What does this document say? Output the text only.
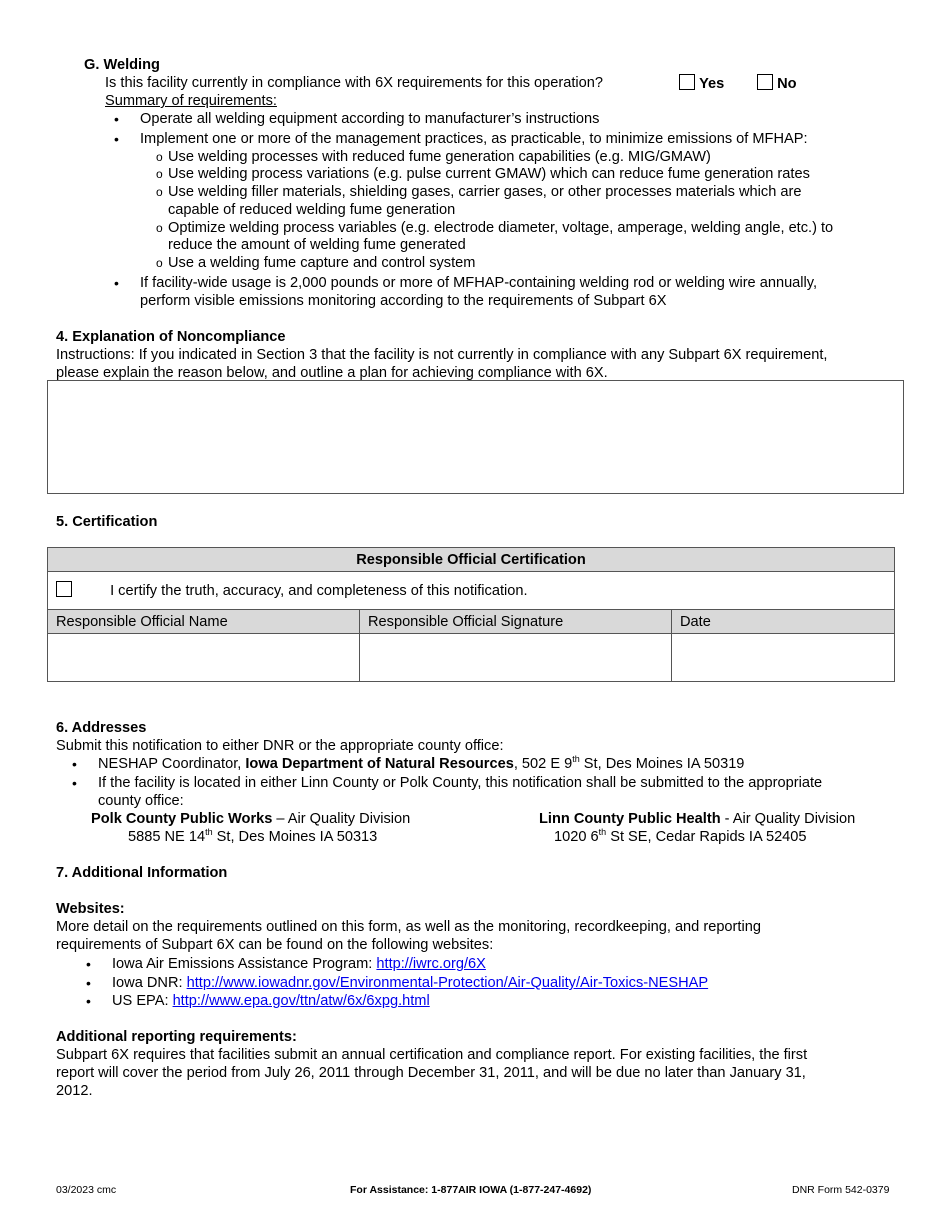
G. Welding
Is this facility currently in compliance with 6X requirements for this operation?	Yes	No
Summary of requirements:
• Operate all welding equipment according to manufacturer’s instructions
• Implement one or more of the management practices, as practicable, to minimize emissions of MFHAP:
o Use welding processes with reduced fume generation capabilities (e.g. MIG/GMAW)
o Use welding process variations (e.g. pulse current GMAW) which can reduce fume generation rates
o Use welding filler materials, shielding gases, carrier gases, or other processes materials which are
capable of reduced welding fume generation
o Optimize welding process variables (e.g. electrode diameter, voltage, amperage, welding angle, etc.) to
reduce the amount of welding fume generated
o Use a welding fume capture and control system
• If facility-wide usage is 2,000 pounds or more of MFHAP-containing welding rod or welding wire annually,
perform visible emissions monitoring according to the requirements of Subpart 6X
4. Explanation of Noncompliance
Instructions: If you indicated in Section 3 that the facility is not currently in compliance with any Subpart 6X requirement,
please explain the reason below, and outline a plan for achieving compliance with 6X.
5. Certification
Responsible Official Certification		
I certify the truth, accuracy, and completeness of this notification.		
Responsible Official Name	Responsible Official Signature	Date

6. Addresses
Submit this notification to either DNR or the appropriate county office:
• NESHAP Coordinator, Iowa Department of Natural Resources, 502 E 9th St, Des Moines IA 50319
• If the facility is located in either Linn County or Polk County, this notification shall be submitted to the appropriate
county office:
Polk County Public Works – Air Quality Division
5885 NE 14th St, Des Moines IA 50313
Linn County Public Health - Air Quality Division
1020 6th St SE, Cedar Rapids IA 52405
7. Additional Information
Websites:
More detail on the requirements outlined on this form, as well as the monitoring, recordkeeping, and reporting
requirements of Subpart 6X can be found on the following websites:
• Iowa Air Emissions Assistance Program: http://iwrc.org/6X
• Iowa DNR: http://www.iowadnr.gov/Environmental-Protection/Air-Quality/Air-Toxics-NESHAP
• US EPA: http://www.epa.gov/ttn/atw/6x/6xpg.html
Additional reporting requirements:
Subpart 6X requires that facilities submit an annual certification and compliance report. For existing facilities, the first
report will cover the period from July 26, 2011 through December 31, 2011, and will be due no later than January 31,
2012.
03/2023 cmc	For Assistance: 1-877AIR IOWA (1-877-247-4692)	DNR Form 542-0379
